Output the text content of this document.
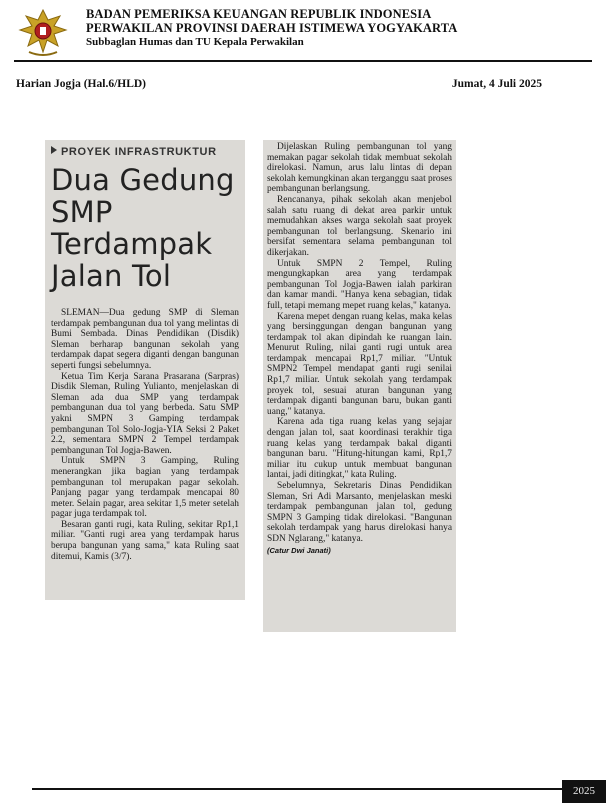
BADAN PEMERIKSA KEUANGAN REPUBLIK INDONESIA
PERWAKILAN PROVINSI DAERAH ISTIMEWA YOGYAKARTA
Subbaglan Humas dan TU Kepala Perwakilan
Harian Jogja (Hal.6/HLD)	Jumat, 4 Juli 2025
PROYEK INFRASTRUKTUR
Dua Gedung SMP Terdampak Jalan Tol

SLEMAN—Dua gedung SMP di Sleman terdampak pembangunan dua tol yang melintas di Bumi Sembada. Dinas Pendidikan (Disdik) Sleman berharap bangunan sekolah yang terdampak dapat segera diganti dengan bangunan seperti fungsi sebelumnya.

Ketua Tim Kerja Sarana Prasarana (Sarpras) Disdik Sleman, Ruling Yulianto, menjelaskan di Sleman ada dua SMP yang terdampak pembangunan dua tol yang berbeda. Satu SMP yakni SMPN 3 Gamping terdampak pembangunan Tol Solo-Jogja-YIA Seksi 2 Paket 2.2, sementara SMPN 2 Tempel terdampak pembangunan Tol Jogja-Bawen.

Untuk SMPN 3 Gamping, Ruling menerangkan jika bagian yang terdampak pembangunan tol merupakan pagar sekolah. Panjang pagar yang terdampak mencapai 80 meter. Selain pagar, area sekitar 1,5 meter setelah pagar juga terdampak tol.

Besaran ganti rugi, kata Ruling, sekitar Rp1,1 miliar. "Ganti rugi area yang terdampak harus berupa bangunan yang sama," kata Ruling saat ditemui, Kamis (3/7).

Dijelaskan Ruling pembangunan tol yang memakan pagar sekolah tidak membuat sekolah direlokasi. Namun, arus lalu lintas di depan sekolah kemungkinan akan terganggu saat proses pembangunan berlangsung.

Rencananya, pihak sekolah akan menjebol salah satu ruang di dekat area parkir untuk memudahkan akses warga sekolah saat proyek pembangunan tol berlangsung. Skenario ini bersifat sementara selama pembangunan tol dikerjakan.

Untuk SMPN 2 Tempel, Ruling mengungkapkan area yang terdampak pembangunan Tol Jogja-Bawen ialah parkiran dan kamar mandi. "Hanya kena sebagian, tidak full, tetapi memang mepet ruang kelas," katanya.

Karena mepet dengan ruang kelas, maka kelas yang bersinggungan dengan bangunan yang terdampak tol akan dipindah ke ruangan lain. Menurut Ruling, nilai ganti rugi untuk area terdampak mencapai Rp1,7 miliar. "Untuk SMPN2 Tempel mendapat ganti rugi senilai Rp1,7 miliar. Untuk sekolah yang terdampak proyek tol, sesuai aturan bangunan yang terdampak diganti bangunan baru, bukan ganti uang," katanya.

Karena ada tiga ruang kelas yang sejajar dengan jalan tol, saat koordinasi terakhir tiga ruang kelas yang terdampak bakal diganti bangunan baru. "Hitung-hitungan kami, Rp1,7 miliar itu cukup untuk membuat bangunan lantai, jadi ditingkat," kata Ruling.

Sebelumnya, Sekretaris Dinas Pendidikan Sleman, Sri Adi Marsanto, menjelaskan meski terdampak pembangunan jalan tol, gedung SMPN 3 Gamping tidak direlokasi. "Bangunan sekolah terdampak yang harus direlokasi hanya SDN Nglarang," katanya.

(Catur Dwi Janati)
2025
